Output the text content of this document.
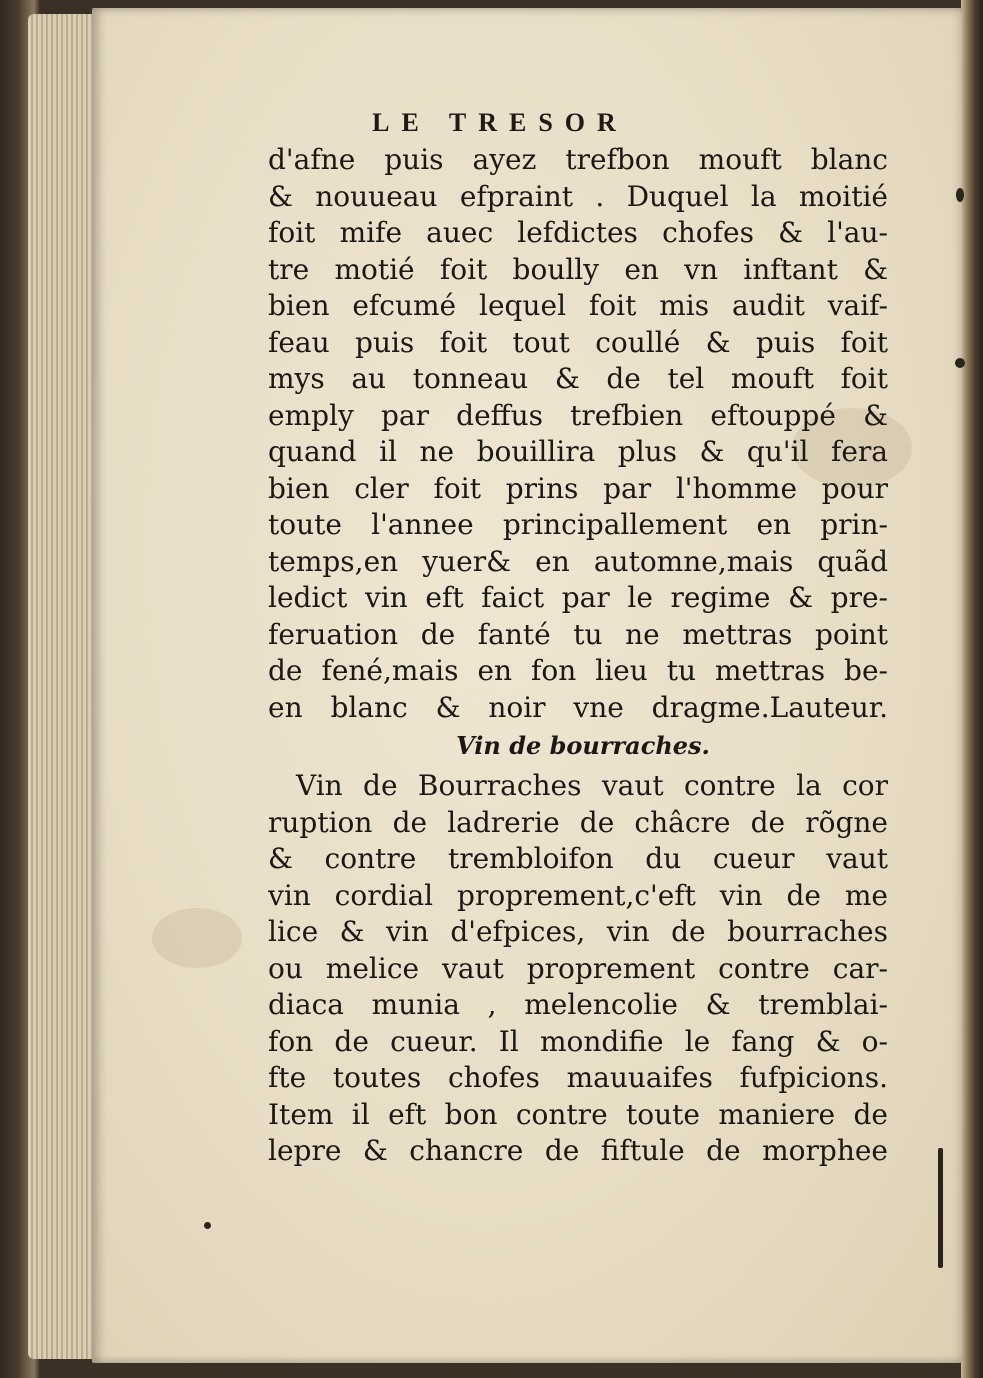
LE TRESOR
d'afne puis ayez trefbon mouft blanc
& nouueau efpraint . Duquel la moitié
foit mife auec lefdictes chofes & l'au-
tre motié foit boully en vn inftant &
bien efcumé lequel foit mis audit vaif-
feau puis foit tout coullé & puis foit
mys au tonneau & de tel mouft foit
emply par deffus trefbien eftouppé &
quand il ne bouillira plus & qu'il fera
bien cler foit prins par l'homme pour
toute l'annee principallement en prin-
temps,en yuer& en automne,mais quãd
ledict vin eft faict par le regime & pre-
feruation de fanté tu ne mettras point
de fené,mais en fon lieu tu mettras be-
en blanc & noir vne dragme.Lauteur.
Vin de bourraches.
Vin de Bourraches vaut contre la cor
ruption de ladrerie de châcre de rõgne
& contre trembloifon du cueur vaut
vin cordial proprement,c'eft vin de me
lice & vin d'efpices, vin de bourraches
ou melice vaut proprement contre car-
diaca munia , melencolie & tremblai-
fon de cueur. Il mondifie le fang & o-
fte toutes chofes mauuaifes fufpicions.
Item il eft bon contre toute maniere de
lepre & chancre de fiftule de morphee
